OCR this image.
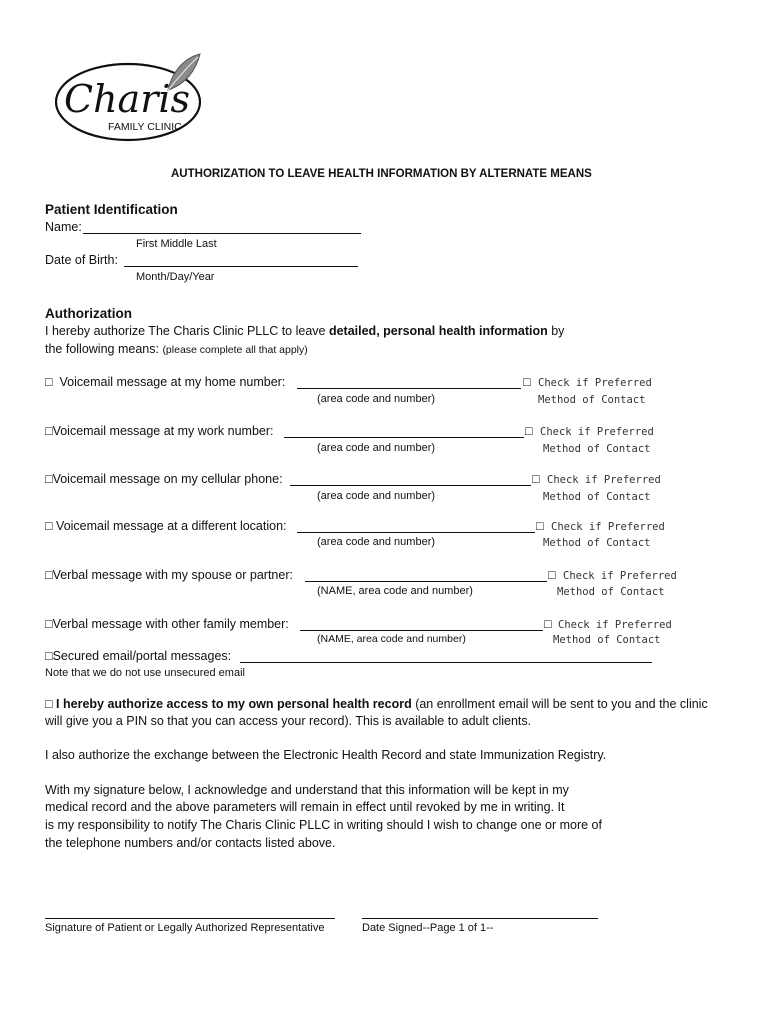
Charis
FAMILY CLINIC
AUTHORIZATION TO LEAVE HEALTH INFORMATION BY ALTERNATE MEANS
Patient Identification
Name:
First Middle Last
Date of Birth:
Month/Day/Year
Authorization
I hereby authorize The Charis Clinic PLLC to leave detailed, personal health information by
the following means: (please complete all that apply)
□ Voicemail message at my home number:	□ Check if Preferred
(area code and number)	Method of Contact
□Voicemail message at my work number:	□ Check if Preferred
(area code and number)	Method of Contact
□Voicemail message on my cellular phone:	□ Check if Preferred
(area code and number)	Method of Contact
□ Voicemail message at a different location:	□ Check if Preferred
(area code and number)	Method of Contact
□Verbal message with my spouse or partner:	□ Check if Preferred
(NAME, area code and number)	Method of Contact
□Verbal message with other family member:	□ Check if Preferred
(NAME, area code and number)	Method of Contact
□Secured email/portal messages:
Note that we do not use unsecured email
□ I hereby authorize access to my own personal health record (an enrollment email will be sent to you and the clinic
will give you a PIN so that you can access your record). This is available to adult clients.
I also authorize the exchange between the Electronic Health Record and state Immunization Registry.
With my signature below, I acknowledge and understand that this information will be kept in my
medical record and the above parameters will remain in effect until revoked by me in writing. It
is my responsibility to notify The Charis Clinic PLLC in writing should I wish to change one or more of
the telephone numbers and/or contacts listed above.
Signature of Patient or Legally Authorized Representative	Date Signed--Page 1 of 1--
